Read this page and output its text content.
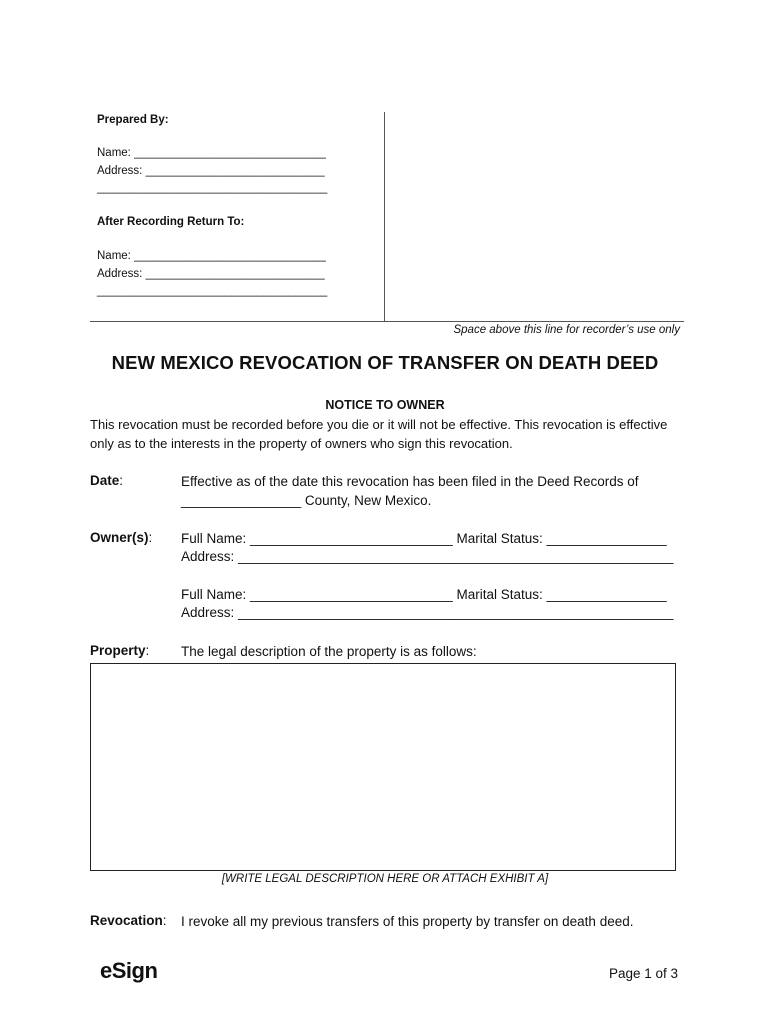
Prepared By:
Name: ______________________________
Address: ____________________________
____________________________________
After Recording Return To:
Name: ______________________________
Address: ____________________________
____________________________________
Space above this line for recorder’s use only
NEW MEXICO REVOCATION OF TRANSFER ON DEATH DEED
NOTICE TO OWNER
This revocation must be recorded before you die or it will not be effective. This revocation is effective only as to the interests in the property of owners who sign this revocation.
Date:	Effective as of the date this revocation has been filed in the Deed Records of
________________ County, New Mexico.
Owner(s): Full Name: ___________________________ Marital Status: ________________
Address: __________________________________________________________
Full Name: ___________________________ Marital Status: ________________
Address: __________________________________________________________
Property: The legal description of the property is as follows:
[WRITE LEGAL DESCRIPTION HERE OR ATTACH EXHIBIT A]
Revocation: I revoke all my previous transfers of this property by transfer on death deed.
eSign	Page 1 of 3
